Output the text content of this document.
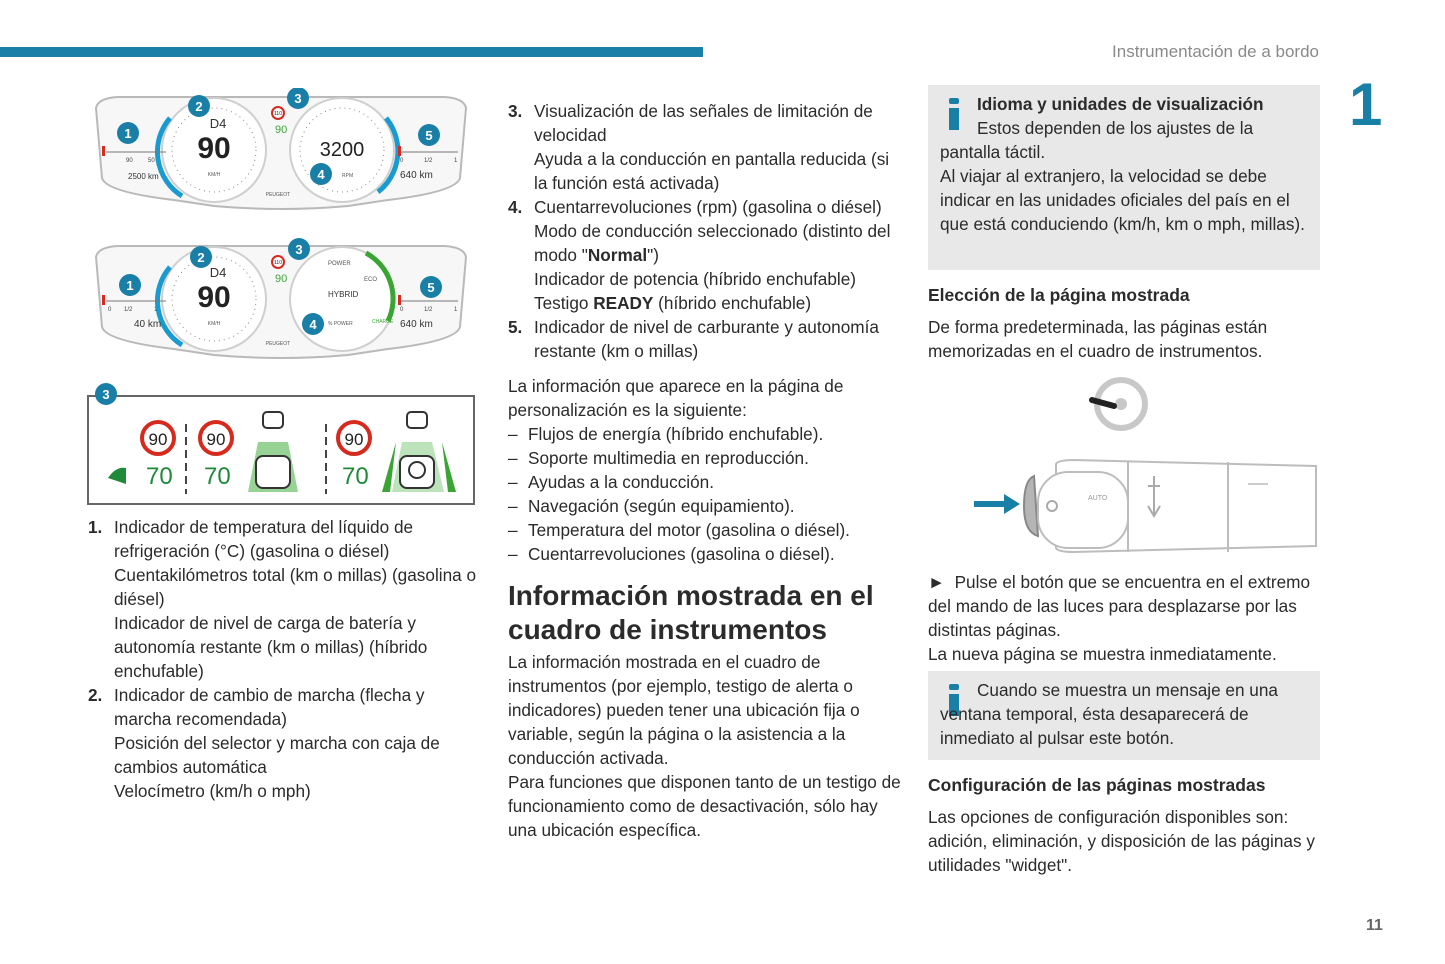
Instrumentación de a bordo
1
11
D4
90
KM/H
3200
RPM
110
90
90	50
2500 km
0	1/2	1
640 km
PEUGEOT
1
2
3
4
5
D4
90
KM/H
POWER
ECO
HYBRID
CHARGE
% POWER
110
90
0 1/2	1
40 km
0	1/2	1
640 km
PEUGEOT
1
2
3
4
5
3
90
70
90
70
90
70
1. Indicador de temperatura del líquido de refrigeración (°C) (gasolina o diésel)
Cuentakilómetros total (km o millas) (gasolina o diésel)
Indicador de nivel de carga de batería y autonomía restante (km o millas) (híbrido enchufable)
2. Indicador de cambio de marcha (flecha y marcha recomendada)
Posición del selector y marcha con caja de cambios automática
Velocímetro (km/h o mph)
3. Visualización de las señales de limitación de velocidad
Ayuda a la conducción en pantalla reducida (si la función está activada)
4. Cuentarrevoluciones (rpm) (gasolina o diésel)
Modo de conducción seleccionado (distinto del modo "Normal")
Indicador de potencia (híbrido enchufable)
Testigo READY (híbrido enchufable)
5. Indicador de nivel de carburante y autonomía restante (km o millas)
La información que aparece en la página de personalización es la siguiente:
– Flujos de energía (híbrido enchufable).
– Soporte multimedia en reproducción.
– Ayudas a la conducción.
– Navegación (según equipamiento).
– Temperatura del motor (gasolina o diésel).
– Cuentarrevoluciones (gasolina o diésel).
Información mostrada en el cuadro de instrumentos
La información mostrada en el cuadro de instrumentos (por ejemplo, testigo de alerta o indicadores) pueden tener una ubicación fija o variable, según la página o la asistencia a la conducción activada.
Para funciones que disponen tanto de un testigo de funcionamiento como de desactivación, sólo hay una ubicación específica.
Idioma y unidades de visualización
Estos dependen de los ajustes de la pantalla táctil.
Al viajar al extranjero, la velocidad se debe indicar en las unidades oficiales del país en el que está conduciendo (km/h, km o mph, millas).
Elección de la página mostrada
De forma predeterminada, las páginas están memorizadas en el cuadro de instrumentos.
AUTO
► Pulse el botón que se encuentra en el extremo del mando de las luces para desplazarse por las distintas páginas.
La nueva página se muestra inmediatamente.
Cuando se muestra un mensaje en una ventana temporal, ésta desaparecerá de inmediato al pulsar este botón.
Configuración de las páginas mostradas
Las opciones de configuración disponibles son: adición, eliminación, y disposición de las páginas y utilidades "widget".
